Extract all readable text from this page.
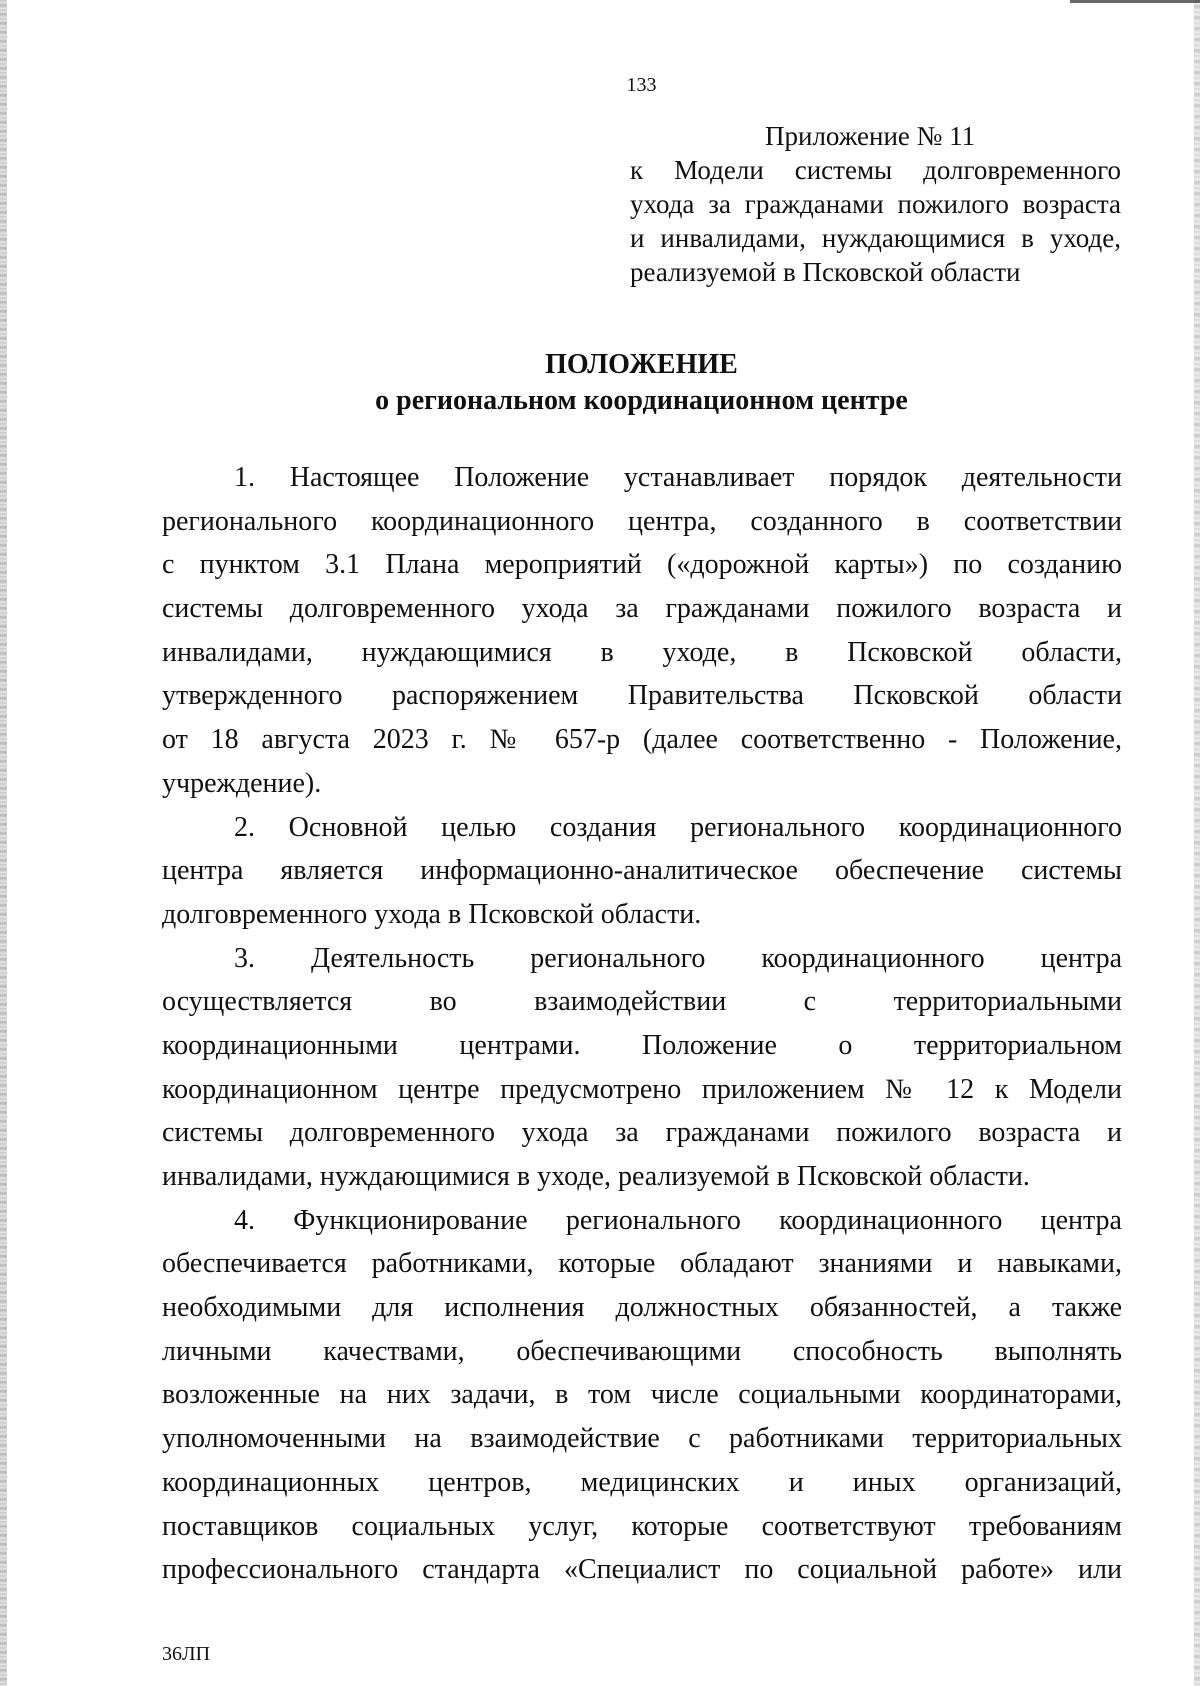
133
Приложение № 11
к Модели системы долговременного
ухода за гражданами пожилого возраста
и инвалидами, нуждающимися в уходе,
реализуемой в Псковской области
ПОЛОЖЕНИЕ
о региональном координационном центре
1. Настоящее Положение устанавливает порядок деятельности
регионального координационного центра, созданного в соответствии
с пунктом 3.1 Плана мероприятий («дорожной карты») по созданию
системы долговременного ухода за гражданами пожилого возраста и
инвалидами, нуждающимися в уходе, в Псковской области,
утвержденного распоряжением Правительства Псковской области
от 18 августа 2023 г. № 657-р (далее соответственно - Положение,
учреждение).
2. Основной целью создания регионального координационного
центра является информационно-аналитическое обеспечение системы
долговременного ухода в Псковской области.
3. Деятельность регионального координационного центра
осуществляется во взаимодействии с территориальными
координационными центрами. Положение о территориальном
координационном центре предусмотрено приложением № 12 к Модели
системы долговременного ухода за гражданами пожилого возраста и
инвалидами, нуждающимися в уходе, реализуемой в Псковской области.
4. Функционирование регионального координационного центра
обеспечивается работниками, которые обладают знаниями и навыками,
необходимыми для исполнения должностных обязанностей, а также
личными качествами, обеспечивающими способность выполнять
возложенные на них задачи, в том числе социальными координаторами,
уполномоченными на взаимодействие с работниками территориальных
координационных центров, медицинских и иных организаций,
поставщиков социальных услуг, которые соответствуют требованиям
профессионального стандарта «Специалист по социальной работе» или
36ЛП
